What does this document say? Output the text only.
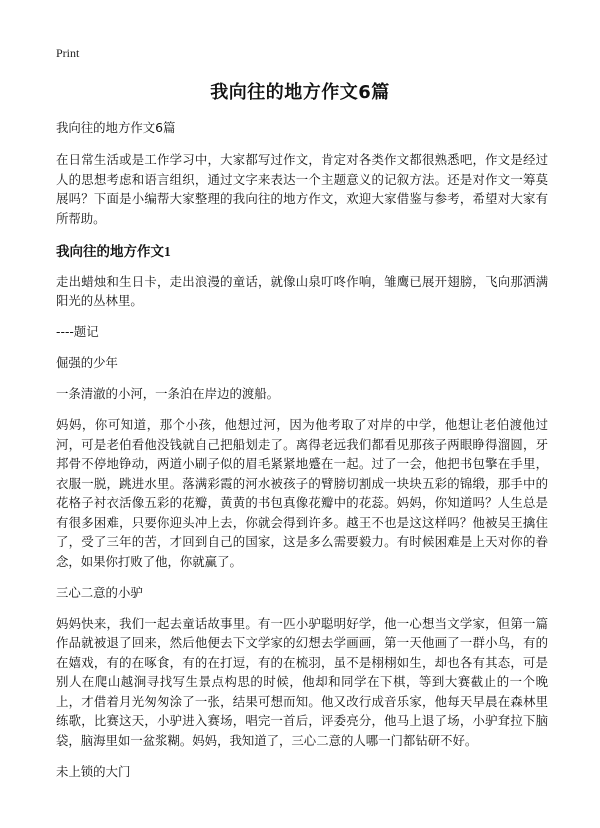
Print
我向往的地方作文6篇

我向往的地方作文6篇

在日常生活或是工作学习中，大家都写过作文，肯定对各类作文都很熟悉吧，作文是经过人的思想考虑和语言组织，通过文字来表达一个主题意义的记叙方法。还是对作文一筹莫展吗？下面是小编帮大家整理的我向往的地方作文，欢迎大家借鉴与参考，希望对大家有所帮助。

我向往的地方作文1

走出蜡烛和生日卡，走出浪漫的童话，就像山泉叮咚作响，雏鹰已展开翅膀，飞向那洒满阳光的丛林里。

----题记

倔强的少年

一条清澈的小河，一条泊在岸边的渡船。

妈妈，你可知道，那个小孩，他想过河，因为他考取了对岸的中学，他想让老伯渡他过河，可是老伯看他没钱就自己把船划走了。离得老远我们都看见那孩子两眼睁得溜圆，牙邦骨不停地铮动，两道小刷子似的眉毛紧紧地蹙在一起。过了一会，他把书包擎在手里，衣服一脱，跳进水里。落满彩霞的河水被孩子的臂膀切割成一块块五彩的锦缎，那手中的花格子衬衣活像五彩的花瓣，黄黄的书包真像花瓣中的花蕊。妈妈，你知道吗？人生总是有很多困难，只要你迎头冲上去，你就会得到许多。越王不也是这这样吗？他被吴王擒住了，受了三年的苦，才回到自己的国家，这是多么需要毅力。有时候困难是上天对你的眷念，如果你打败了他，你就赢了。

三心二意的小驴

妈妈快来，我们一起去童话故事里。有一匹小驴聪明好学，他一心想当文学家，但第一篇作品就被退了回来，然后他便去下文学家的幻想去学画画，第一天他画了一群小鸟，有的在嬉戏，有的在啄食，有的在打逗，有的在梳羽，虽不是栩栩如生，却也各有其态，可是别人在爬山越涧寻找写生景点构思的时候，他却和同学在下棋，等到大赛截止的一个晚上，才借着月光匆匆涂了一张，结果可想而知。他又改行成音乐家，他每天早晨在森林里练歌，比赛这天，小驴进入赛场，唱完一首后，评委亮分，他马上退了场，小驴耷拉下脑袋，脑海里如一盆浆糊。妈妈，我知道了，三心二意的人哪一门都钻研不好。

未上锁的大门
